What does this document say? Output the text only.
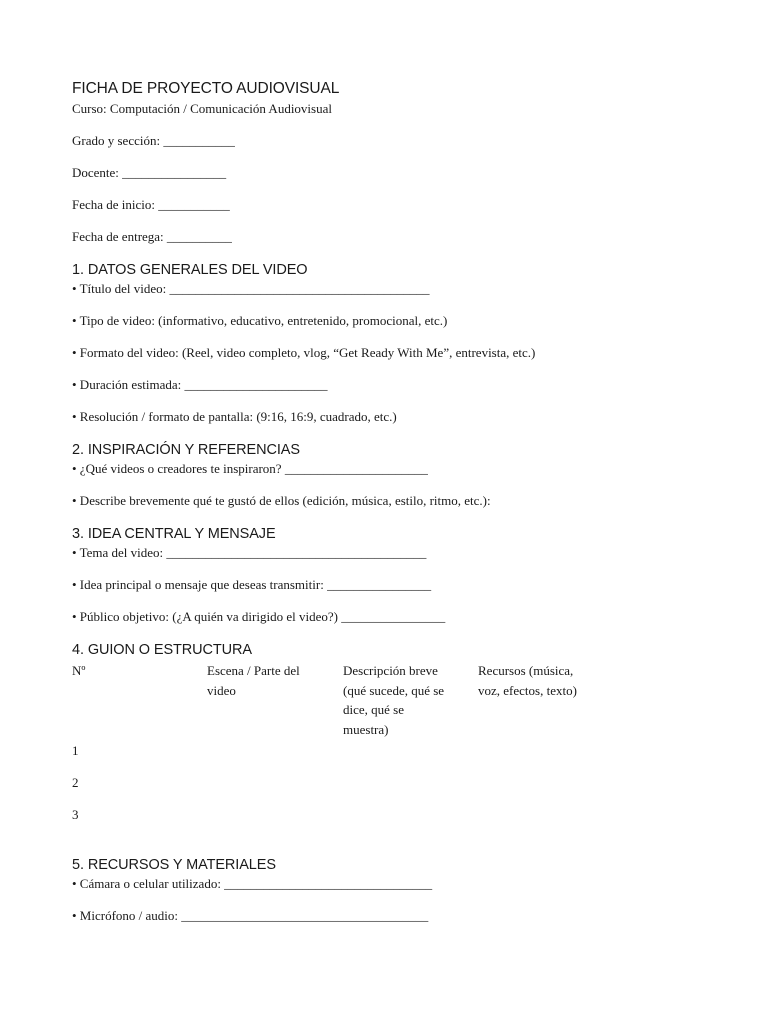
FICHA DE PROYECTO AUDIOVISUAL

Curso: Computación / Comunicación Audiovisual

Grado y sección: ___________

Docente: ________________

Fecha de inicio: ___________

Fecha de entrega: __________

1. DATOS GENERALES DEL VIDEO

• Título del video: ________________________________________

• Tipo de video: (informativo, educativo, entretenido, promocional, etc.)

• Formato del video: (Reel, video completo, vlog, “Get Ready With Me”, entrevista, etc.)

• Duración estimada: ______________________

• Resolución / formato de pantalla: (9:16, 16:9, cuadrado, etc.)

2. INSPIRACIÓN Y REFERENCIAS

• ¿Qué videos o creadores te inspiraron? ______________________

• Describe brevemente qué te gustó de ellos (edición, música, estilo, ritmo, etc.):

3. IDEA CENTRAL Y MENSAJE

• Tema del video: ________________________________________

• Idea principal o mensaje que deseas transmitir: ________________

• Público objetivo: (¿A quién va dirigido el video?) ________________

4. GUION O ESTRUCTURA
Nº	Escena / Parte del
video
Descripción breve
(qué sucede, qué se
dice, qué se
muestra)
Recursos (música,
voz, efectos, texto)
1
2
3
5. RECURSOS Y MATERIALES

• Cámara o celular utilizado: ________________________________

• Micrófono / audio: ______________________________________
